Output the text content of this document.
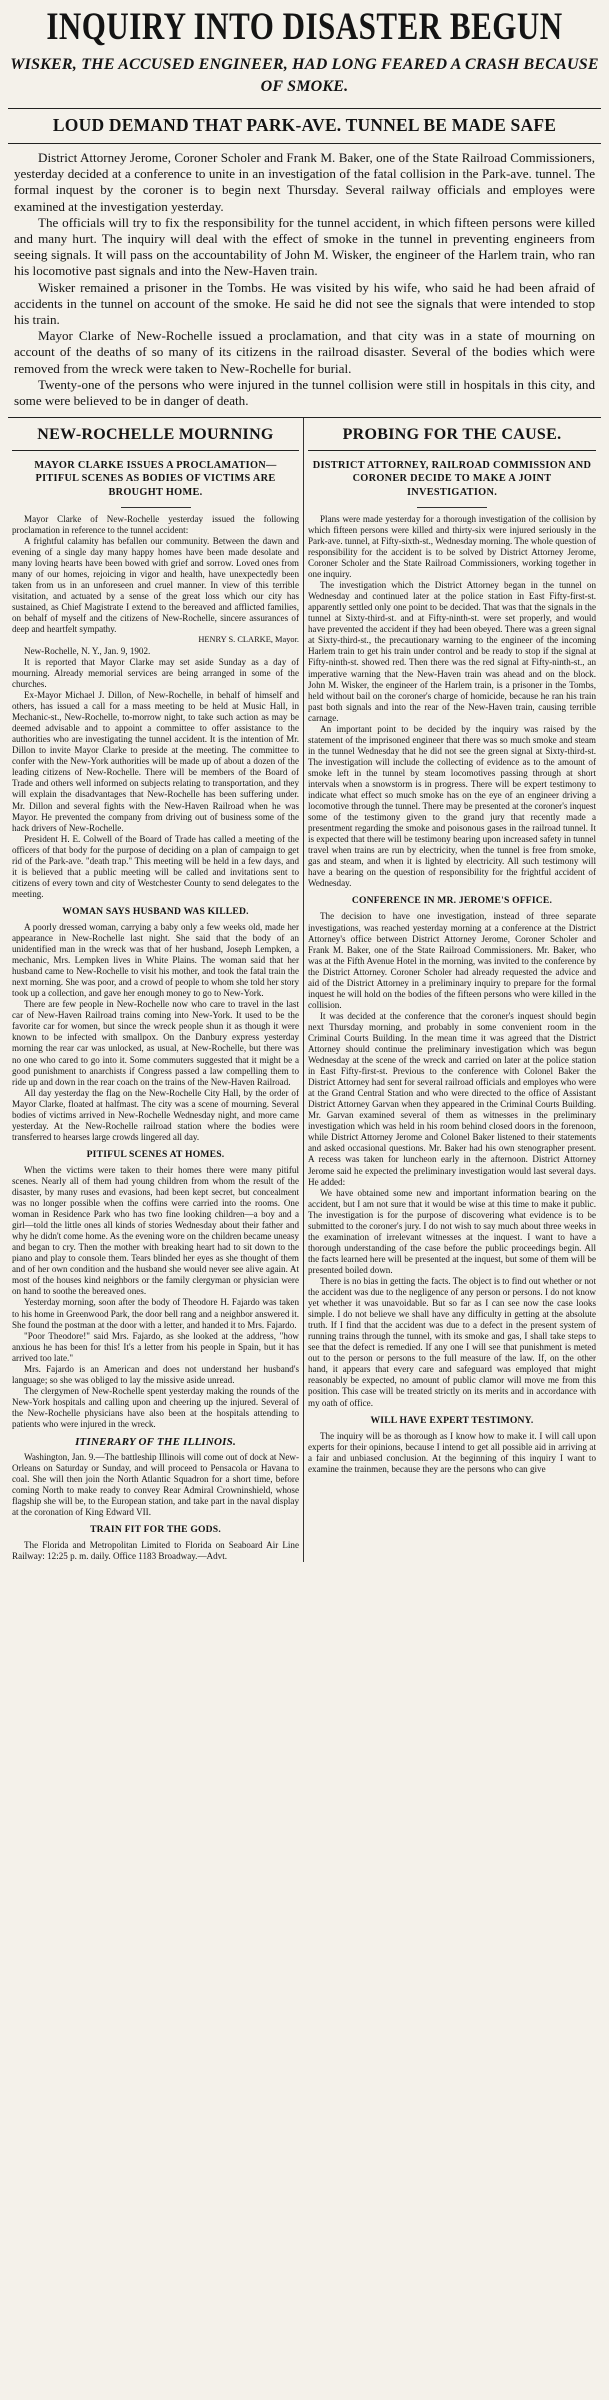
INQUIRY INTO DISASTER BEGUN
WISKER, THE ACCUSED ENGINEER, HAD LONG FEARED A CRASH BECAUSE OF SMOKE.
LOUD DEMAND THAT PARK-AVE. TUNNEL BE MADE SAFE

District Attorney Jerome, Coroner Scholer and Frank M. Baker, one of the State Railroad Commissioners, yesterday decided at a conference to unite in an investigation of the fatal collision in the Park-ave. tunnel. The formal inquest by the coroner is to begin next Thursday. Several railway officials and employes were examined at the investigation yesterday.

The officials will try to fix the responsibility for the tunnel accident, in which fifteen persons were killed and many hurt. The inquiry will deal with the effect of smoke in the tunnel in preventing engineers from seeing signals. It will pass on the accountability of John M. Wisker, the engineer of the Harlem train, who ran his locomotive past signals and into the New-Haven train.

Wisker remained a prisoner in the Tombs. He was visited by his wife, who said he had been afraid of accidents in the tunnel on account of the smoke. He said he did not see the signals that were intended to stop his train.

Mayor Clarke of New-Rochelle issued a proclamation, and that city was in a state of mourning on account of the deaths of so many of its citizens in the railroad disaster. Several of the bodies which were removed from the wreck were taken to New-Rochelle for burial.

Twenty-one of the persons who were injured in the tunnel collision were still in hospitals in this city, and some were believed to be in danger of death.

NEW-ROCHELLE MOURNING
MAYOR CLARKE ISSUES A PROCLAMATION—PITIFUL SCENES AS BODIES OF VICTIMS ARE BROUGHT HOME.

Mayor Clarke of New-Rochelle yesterday issued the following proclamation in reference to the tunnel accident:

A frightful calamity has befallen our community. Between the dawn and evening of a single day many happy homes have been made desolate and many loving hearts have been bowed with grief and sorrow. Loved ones from many of our homes, rejoicing in vigor and health, have unexpectedly been taken from us in an unforeseen and cruel manner. In view of this terrible visitation, and actuated by a sense of the great loss which our city has sustained, as Chief Magistrate I extend to the bereaved and afflicted families, on behalf of myself and the citizens of New-Rochelle, sincere assurances of deep and heartfelt sympathy.

HENRY S. CLARKE, Mayor.

New-Rochelle, N. Y., Jan. 9, 1902.

It is reported that Mayor Clarke may set aside Sunday as a day of mourning. Already memorial services are being arranged in some of the churches.

Ex-Mayor Michael J. Dillon, of New-Rochelle, in behalf of himself and others, has issued a call for a mass meeting to be held at Music Hall, in Mechanic-st., New-Rochelle, to-morrow night, to take such action as may be deemed advisable and to appoint a committee to offer assistance to the authorities who are investigating the tunnel accident. It is the intention of Mr. Dillon to invite Mayor Clarke to preside at the meeting. The committee to confer with the New-York authorities will be made up of about a dozen of the leading citizens of New-Rochelle. There will be members of the Board of Trade and others well informed on subjects relating to transportation, and they will explain the disadvantages that New-Rochelle has been suffering under. Mr. Dillon and several fights with the New-Haven Railroad when he was Mayor. He prevented the company from driving out of business some of the hack drivers of New-Rochelle.

President H. E. Colwell of the Board of Trade has called a meeting of the officers of that body for the purpose of deciding on a plan of campaign to get rid of the Park-ave. "death trap." This meeting will be held in a few days, and it is believed that a public meeting will be called and invitations sent to citizens of every town and city of Westchester County to send delegates to the meeting.

WOMAN SAYS HUSBAND WAS KILLED.

A poorly dressed woman, carrying a baby only a few weeks old, made her appearance in New-Rochelle last night. She said that the body of an unidentified man in the wreck was that of her husband, Joseph Lempken, a mechanic, Mrs. Lempken lives in White Plains. The woman said that her husband came to New-Rochelle to visit his mother, and took the fatal train the next morning. She was poor, and a crowd of people to whom she told her story took up a collection, and gave her enough money to go to New-York.

There are few people in New-Rochelle now who care to travel in the last car of New-Haven Railroad trains coming into New-York. It used to be the favorite car for women, but since the wreck people shun it as though it were known to be infected with smallpox. On the Danbury express yesterday morning the rear car was unlocked, as usual, at New-Rochelle, but there was no one who cared to go into it. Some commuters suggested that it might be a good punishment to anarchists if Congress passed a law compelling them to ride up and down in the rear coach on the trains of the New-Haven Railroad.

All day yesterday the flag on the New-Rochelle City Hall, by the order of Mayor Clarke, floated at halfmast. The city was a scene of mourning. Several bodies of victims arrived in New-Rochelle Wednesday night, and more came yesterday. At the New-Rochelle railroad station where the bodies were transferred to hearses large crowds lingered all day.

PITIFUL SCENES AT HOMES.

When the victims were taken to their homes there were many pitiful scenes. Nearly all of them had young children from whom the result of the disaster, by many ruses and evasions, had been kept secret, but concealment was no longer possible when the coffins were carried into the rooms. One woman in Residence Park who has two fine looking children—a boy and a girl—told the little ones all kinds of stories Wednesday about their father and why he didn't come home. As the evening wore on the children became uneasy and began to cry. Then the mother with breaking heart had to sit down to the piano and play to console them. Tears blinded her eyes as she thought of them and of her own condition and the husband she would never see alive again. At most of the houses kind neighbors or the family clergyman or physician were on hand to soothe the bereaved ones.

Yesterday morning, soon after the body of Theodore H. Fajardo was taken to his home in Greenwood Park, the door bell rang and a neighbor answered it. She found the postman at the door with a letter, and handed it to Mrs. Fajardo.

"Poor Theodore!" said Mrs. Fajardo, as she looked at the address, "how anxious he has been for this! It's a letter from his people in Spain, but it has arrived too late."

Mrs. Fajardo is an American and does not understand her husband's language; so she was obliged to lay the missive aside unread.

The clergymen of New-Rochelle spent yesterday making the rounds of the New-York hospitals and calling upon and cheering up the injured. Several of the New-Rochelle physicians have also been at the hospitals attending to patients who were injured in the wreck.

ITINERARY OF THE ILLINOIS.

Washington, Jan. 9.—The battleship Illinois will come out of dock at New-Orleans on Saturday or Sunday, and will proceed to Pensacola or Havana to coal. She will then join the North Atlantic Squadron for a short time, before coming North to make ready to convey Rear Admiral Crowninshield, whose flagship she will be, to the European station, and take part in the naval display at the coronation of King Edward VII.

TRAIN FIT FOR THE GODS.

The Florida and Metropolitan Limited to Florida on Seaboard Air Line Railway: 12:25 p. m. daily. Office 1183 Broadway.—Advt.

PROBING FOR THE CAUSE.
DISTRICT ATTORNEY, RAILROAD COMMISSION AND CORONER DECIDE TO MAKE A JOINT INVESTIGATION.

Plans were made yesterday for a thorough investigation of the collision by which fifteen persons were killed and thirty-six were injured seriously in the Park-ave. tunnel, at Fifty-sixth-st., Wednesday morning. The whole question of responsibility for the accident is to be solved by District Attorney Jerome, Coroner Scholer and the State Railroad Commissioners, working together in one inquiry.

The investigation which the District Attorney began in the tunnel on Wednesday and continued later at the police station in East Fifty-first-st. apparently settled only one point to be decided. That was that the signals in the tunnel at Sixty-third-st. and at Fifty-ninth-st. were set properly, and would have prevented the accident if they had been obeyed. There was a green signal at Sixty-third-st., the precautionary warning to the engineer of the incoming Harlem train to get his train under control and be ready to stop if the signal at Fifty-ninth-st. showed red. Then there was the red signal at Fifty-ninth-st., an imperative warning that the New-Haven train was ahead and on the block. John M. Wisker, the engineer of the Harlem train, is a prisoner in the Tombs, held without bail on the coroner's charge of homicide, because he ran his train past both signals and into the rear of the New-Haven train, causing terrible carnage.

An important point to be decided by the inquiry was raised by the statement of the imprisoned engineer that there was so much smoke and steam in the tunnel Wednesday that he did not see the green signal at Sixty-third-st. The investigation will include the collecting of evidence as to the amount of smoke left in the tunnel by steam locomotives passing through at short intervals when a snowstorm is in progress. There will be expert testimony to indicate what effect so much smoke has on the eye of an engineer driving a locomotive through the tunnel. There may be presented at the coroner's inquest some of the testimony given to the grand jury that recently made a presentment regarding the smoke and poisonous gases in the railroad tunnel. It is expected that there will be testimony bearing upon increased safety in tunnel travel when trains are run by electricity, when the tunnel is free from smoke, gas and steam, and when it is lighted by electricity. All such testimony will have a bearing on the question of responsibility for the frightful accident of Wednesday.

CONFERENCE IN MR. JEROME'S OFFICE.

The decision to have one investigation, instead of three separate investigations, was reached yesterday morning at a conference at the District Attorney's office between District Attorney Jerome, Coroner Scholer and Frank M. Baker, one of the State Railroad Commissioners. Mr. Baker, who was at the Fifth Avenue Hotel in the morning, was invited to the conference by the District Attorney. Coroner Scholer had already requested the advice and aid of the District Attorney in a preliminary inquiry to prepare for the formal inquest he will hold on the bodies of the fifteen persons who were killed in the collision.

It was decided at the conference that the coroner's inquest should begin next Thursday morning, and probably in some convenient room in the Criminal Courts Building. In the mean time it was agreed that the District Attorney should continue the preliminary investigation which was begun Wednesday at the scene of the wreck and carried on later at the police station in East Fifty-first-st. Previous to the conference with Colonel Baker the District Attorney had sent for several railroad officials and employes who were at the Grand Central Station and who were directed to the office of Assistant District Attorney Garvan when they appeared in the Criminal Courts Building. Mr. Garvan examined several of them as witnesses in the preliminary investigation which was held in his room behind closed doors in the forenoon, while District Attorney Jerome and Colonel Baker listened to their statements and asked occasional questions. Mr. Baker had his own stenographer present. A recess was taken for luncheon early in the afternoon. District Attorney Jerome said he expected the preliminary investigation would last several days. He added:

We have obtained some new and important information bearing on the accident, but I am not sure that it would be wise at this time to make it public. The investigation is for the purpose of discovering what evidence is to be submitted to the coroner's jury. I do not wish to say much about three weeks in the examination of irrelevant witnesses at the inquest. I want to have a thorough understanding of the case before the public proceedings begin. All the facts learned here will be presented at the inquest, but some of them will be presented boiled down.

There is no bias in getting the facts. The object is to find out whether or not the accident was due to the negligence of any person or persons. I do not know yet whether it was unavoidable. But so far as I can see now the case looks simple. I do not believe we shall have any difficulty in getting at the absolute truth. If I find that the accident was due to a defect in the present system of running trains through the tunnel, with its smoke and gas, I shall take steps to see that the defect is remedied. If any one I will see that punishment is meted out to the person or persons to the full measure of the law. If, on the other hand, it appears that every care and safeguard was employed that might reasonably be expected, no amount of public clamor will move me from this position. This case will be treated strictly on its merits and in accordance with my oath of office.

WILL HAVE EXPERT TESTIMONY.

The inquiry will be as thorough as I know how to make it. I will call upon experts for their opinions, because I intend to get all possible aid in arriving at a fair and unbiased conclusion. At the beginning of this inquiry I want to examine the trainmen, because they are the persons who can give
